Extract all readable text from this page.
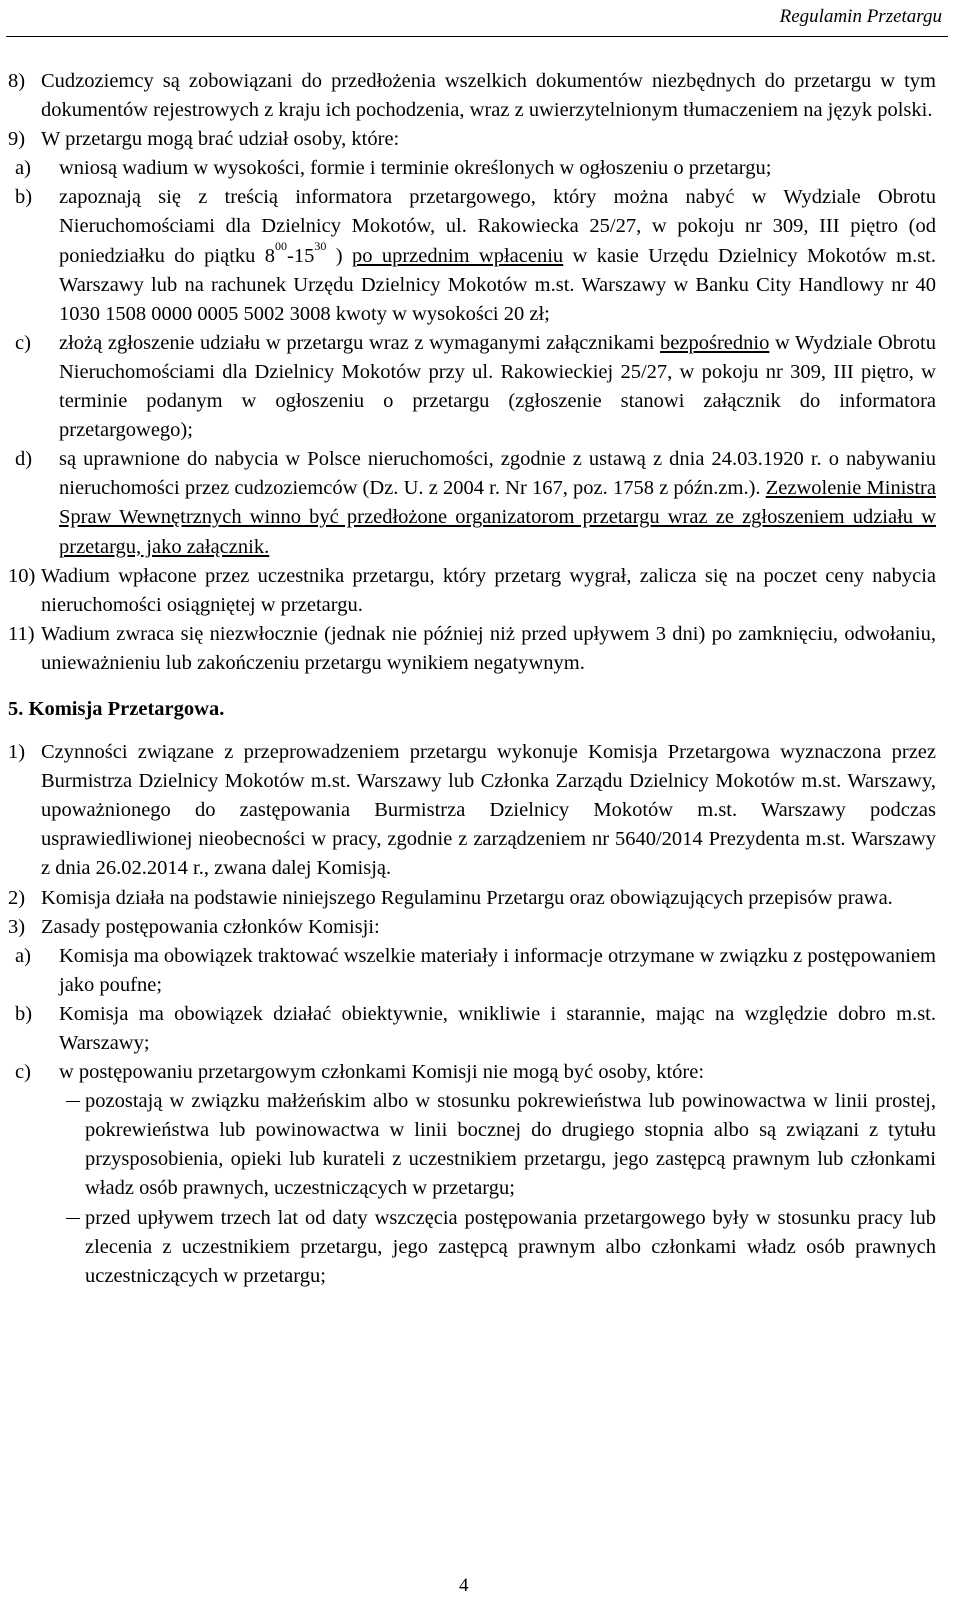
Regulamin Przetargu
8) Cudzoziemcy są zobowiązani do przedłożenia wszelkich dokumentów niezbędnych do przetargu w tym dokumentów rejestrowych z kraju ich pochodzenia, wraz z uwierzytelnionym tłumaczeniem na język polski.
9) W przetargu mogą brać udział osoby, które:
a)	wniosą wadium w wysokości, formie i terminie określonych w ogłoszeniu o przetargu;
b)	zapoznają się z treścią informatora przetargowego, który można nabyć w Wydziale Obrotu Nieruchomościami dla Dzielnicy Mokotów, ul. Rakowiecka 25/27, w pokoju nr 309, III piętro (od poniedziałku do piątku $8^{00}-15^{30}$ ) po uprzednim wpłaceniu w kasie Urzędu Dzielnicy Mokotów m.st. Warszawy lub na rachunek Urzędu Dzielnicy Mokotów m.st. Warszawy w Banku City Handlowy nr 40 1030 1508 0000 0005 5002 3008 kwoty w wysokości 20 zł;
c)	złożą zgłoszenie udziału w przetargu wraz z wymaganymi załącznikami bezpośrednio w Wydziale Obrotu Nieruchomościami dla Dzielnicy Mokotów przy ul. Rakowieckiej 25/27, w pokoju nr 309, III piętro, w terminie podanym w ogłoszeniu o przetargu (zgłoszenie stanowi załącznik do informatora przetargowego);
d)	są uprawnione do nabycia w Polsce nieruchomości, zgodnie z ustawą z dnia 24.03.1920 r. o nabywaniu nieruchomości przez cudzoziemców (Dz. U. z 2004 r. Nr 167, poz. 1758 z późn.zm.). Zezwolenie Ministra Spraw Wewnętrznych winno być przedłożone organizatorom przetargu wraz ze zgłoszeniem udziału w przetargu, jako załącznik.
10) Wadium wpłacone przez uczestnika przetargu, który przetarg wygrał, zalicza się na poczet ceny nabycia nieruchomości osiągniętej w przetargu.
11) Wadium zwraca się niezwłocznie (jednak nie później niż przed upływem 3 dni) po zamknięciu, odwołaniu, unieważnieniu lub zakończeniu przetargu wynikiem negatywnym.
5. Komisja Przetargowa.
1) Czynności związane z przeprowadzeniem przetargu wykonuje Komisja Przetargowa wyznaczona przez Burmistrza Dzielnicy Mokotów m.st. Warszawy lub Członka Zarządu Dzielnicy Mokotów m.st. Warszawy, upoważnionego do zastępowania Burmistrza Dzielnicy Mokotów m.st. Warszawy podczas usprawiedliwionej nieobecności w pracy, zgodnie z zarządzeniem nr 5640/2014 Prezydenta m.st. Warszawy z dnia 26.02.2014 r., zwana dalej Komisją.
2) Komisja działa na podstawie niniejszego Regulaminu Przetargu oraz obowiązujących przepisów prawa.
3) Zasady postępowania członków Komisji:
a)	Komisja ma obowiązek traktować wszelkie materiały i informacje otrzymane w związku z postępowaniem jako poufne;
b)	Komisja ma obowiązek działać obiektywnie, wnikliwie i starannie, mając na względzie dobro m.st. Warszawy;
c)	w postępowaniu przetargowym członkami Komisji nie mogą być osoby, które:
pozostają w związku małżeńskim albo w stosunku pokrewieństwa lub powinowactwa w linii prostej, pokrewieństwa lub powinowactwa w linii bocznej do drugiego stopnia albo są związani z tytułu przysposobienia, opieki lub kurateli z uczestnikiem przetargu, jego zastępcą prawnym lub członkami władz osób prawnych, uczestniczących w przetargu;
przed upływem trzech lat od daty wszczęcia postępowania przetargowego były w stosunku pracy lub zlecenia z uczestnikiem przetargu, jego zastępcą prawnym albo członkami władz osób prawnych uczestniczących w przetargu;
4
